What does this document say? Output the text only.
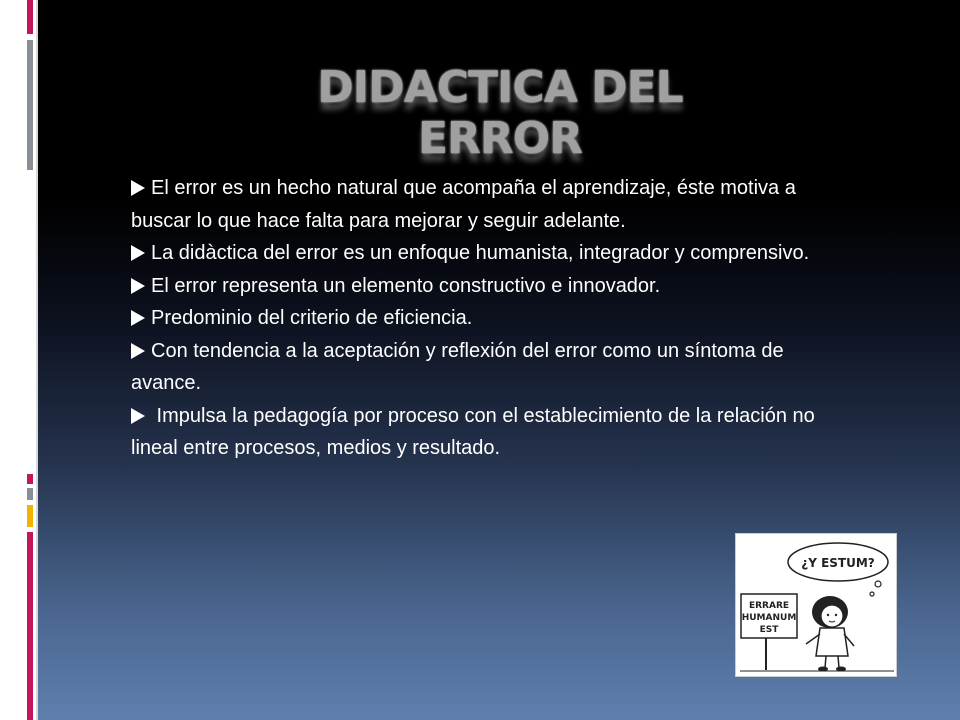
DIDACTICA DEL ERROR
El error es un hecho natural que acompaña el aprendizaje, éste motiva a buscar lo que hace falta para mejorar y seguir adelante.
La didàctica del error es un enfoque humanista, integrador y comprensivo.
El error representa un elemento constructivo e innovador.
Predominio del criterio de eficiencia.
Con tendencia a la aceptación y reflexión del error como un síntoma de avance.
Impulsa la pedagogía por proceso con el establecimiento de la relación no lineal entre procesos, medios y resultado.
¿Y ESTUM?
ERRARE
HUMANUM
EST
